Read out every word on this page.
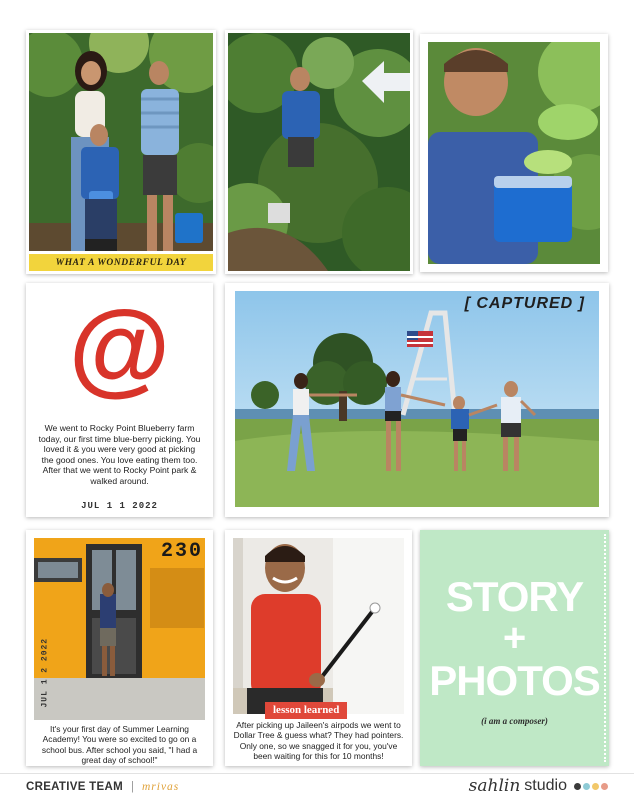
WHAT A WONDERFUL DAY
@
We went to Rocky Point Blueberry farm today, our first time blue-berry picking. You loved it & you were very good at picking the good ones. You love eating them too. After that we went to Rocky Point park & walked around.
JUL 1 1 2022
[ CAPTURED ]
230
JUL 1 2 2022
It's your first day of Summer Learning Academy! You were so excited to go on a school bus. After school you said, "I had a great day of school!"
lesson learned
After picking up Jaileen's airpods we went to Dollar Tree & guess what? They had pointers. Only one, so we snagged it for you, you've been waiting for this for 10 months!
STORY
+
PHOTOS
(i am a composer)
CREATIVE TEAM | mrivas	sahlin studio
